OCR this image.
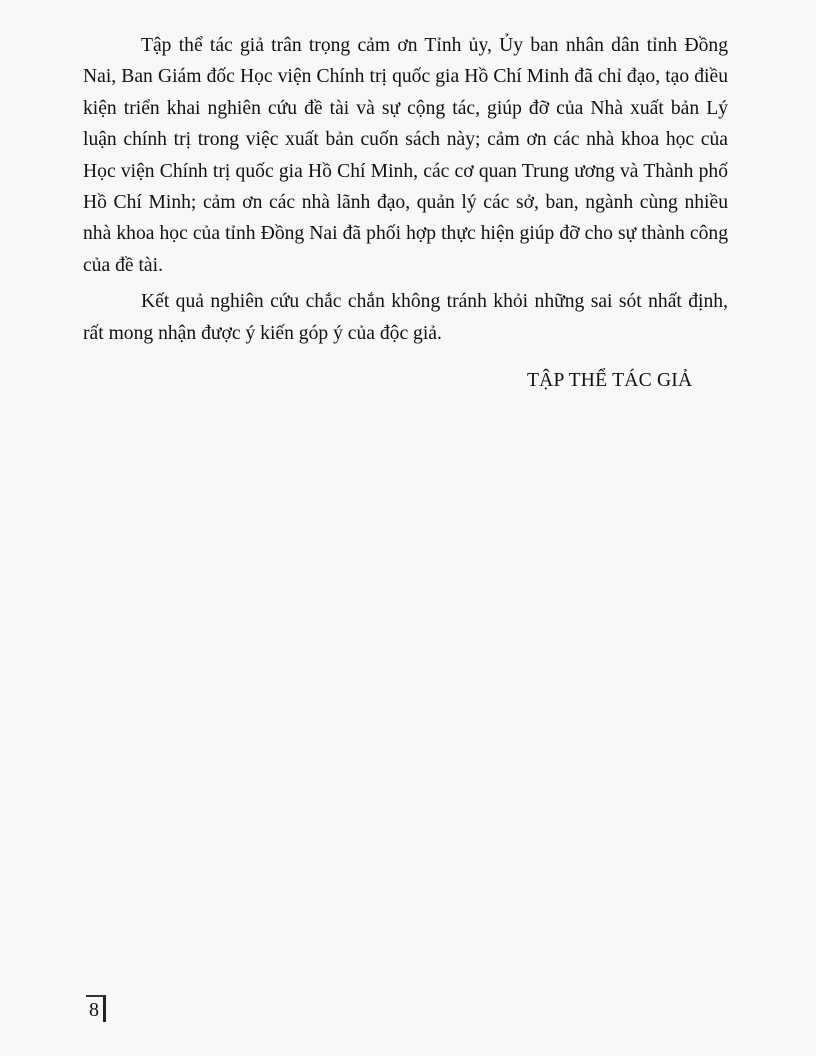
Tập thể tác giả trân trọng cảm ơn Tỉnh ủy, Ủy ban nhân dân tỉnh Đồng Nai, Ban Giám đốc Học viện Chính trị quốc gia Hồ Chí Minh đã chỉ đạo, tạo điều kiện triển khai nghiên cứu đề tài và sự cộng tác, giúp đỡ của Nhà xuất bản Lý luận chính trị trong việc xuất bản cuốn sách này; cảm ơn các nhà khoa học của Học viện Chính trị quốc gia Hồ Chí Minh, các cơ quan Trung ương và Thành phố Hồ Chí Minh; cảm ơn các nhà lãnh đạo, quản lý các sở, ban, ngành cùng nhiều nhà khoa học của tỉnh Đồng Nai đã phối hợp thực hiện giúp đỡ cho sự thành công của đề tài.

Kết quả nghiên cứu chắc chắn không tránh khỏi những sai sót nhất định, rất mong nhận được ý kiến góp ý của độc giả.

TẬP THỂ TÁC GIẢ
8
